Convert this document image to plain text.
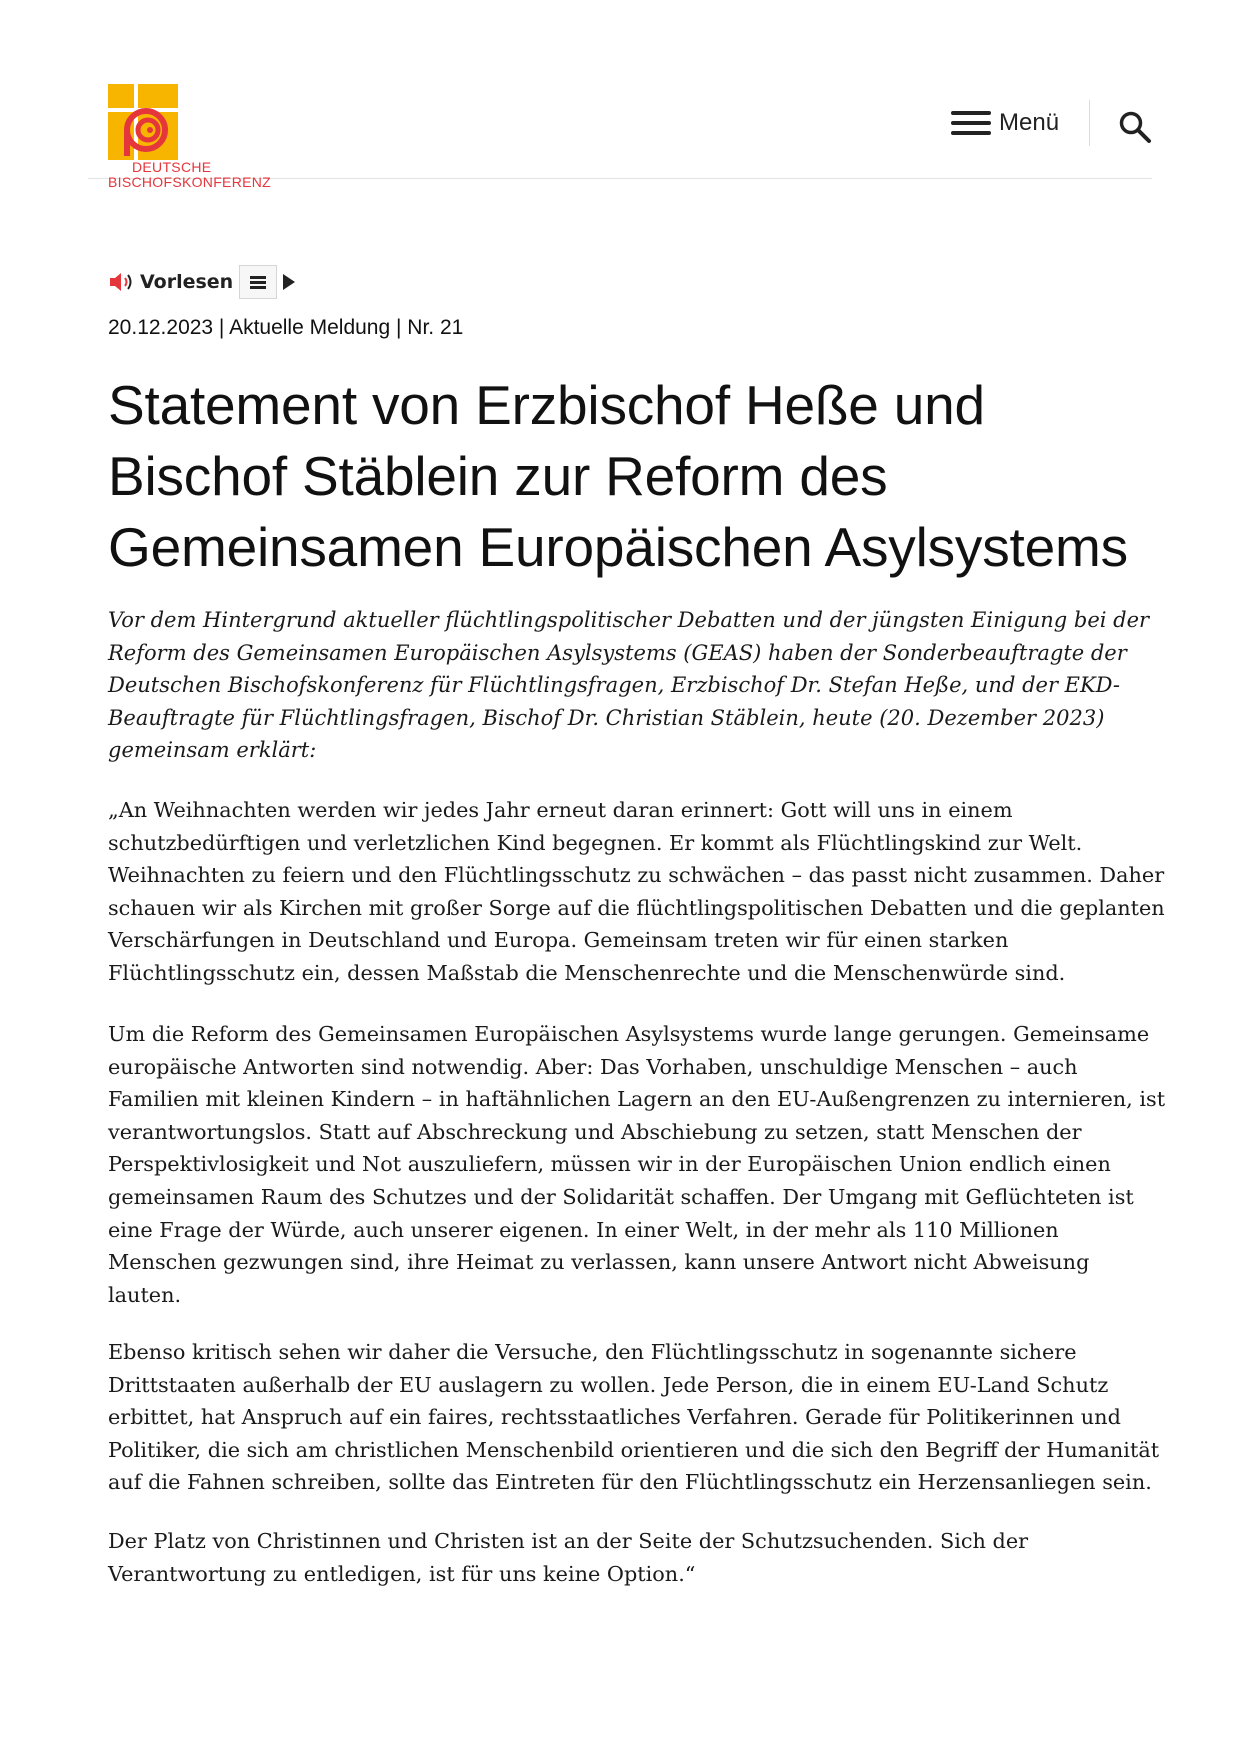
DEUTSCHE
BISCHOFSKONFERENZ
Menü
Vorlesen
20.12.2023 | Aktuelle Meldung | Nr. 21
Statement von Erzbischof Heße und Bischof Stäblein zur Reform des Gemeinsamen Europäischen Asylsystems

Vor dem Hintergrund aktueller flüchtlingspolitischer Debatten und der jüngsten Einigung bei der Reform des Gemeinsamen Europäischen Asylsystems (GEAS) haben der Sonderbeauftragte der Deutschen Bischofskonferenz für Flüchtlingsfragen, Erzbischof Dr. Stefan Heße, und der EKD-Beauftragte für Flüchtlingsfragen, Bischof Dr. Christian Stäblein, heute (20. Dezember 2023) gemeinsam erklärt:

„An Weihnachten werden wir jedes Jahr erneut daran erinnert: Gott will uns in einem schutzbedürftigen und verletzlichen Kind begegnen. Er kommt als Flüchtlingskind zur Welt. Weihnachten zu feiern und den Flüchtlingsschutz zu schwächen – das passt nicht zusammen. Daher schauen wir als Kirchen mit großer Sorge auf die flüchtlingspolitischen Debatten und die geplanten Verschärfungen in Deutschland und Europa. Gemeinsam treten wir für einen starken Flüchtlingsschutz ein, dessen Maßstab die Menschenrechte und die Menschenwürde sind.

Um die Reform des Gemeinsamen Europäischen Asylsystems wurde lange gerungen. Gemeinsame europäische Antworten sind notwendig. Aber: Das Vorhaben, unschuldige Menschen – auch Familien mit kleinen Kindern – in haftähnlichen Lagern an den EU-Außengrenzen zu internieren, ist verantwortungslos. Statt auf Abschreckung und Abschiebung zu setzen, statt Menschen der Perspektivlosigkeit und Not auszuliefern, müssen wir in der Europäischen Union endlich einen gemeinsamen Raum des Schutzes und der Solidarität schaffen. Der Umgang mit Geflüchteten ist eine Frage der Würde, auch unserer eigenen. In einer Welt, in der mehr als 110 Millionen Menschen gezwungen sind, ihre Heimat zu verlassen, kann unsere Antwort nicht Abweisung lauten.

Ebenso kritisch sehen wir daher die Versuche, den Flüchtlingsschutz in sogenannte sichere Drittstaaten außerhalb der EU auslagern zu wollen. Jede Person, die in einem EU-Land Schutz erbittet, hat Anspruch auf ein faires, rechtsstaatliches Verfahren. Gerade für Politikerinnen und Politiker, die sich am christlichen Menschenbild orientieren und die sich den Begriff der Humanität auf die Fahnen schreiben, sollte das Eintreten für den Flüchtlingsschutz ein Herzensanliegen sein.

Der Platz von Christinnen und Christen ist an der Seite der Schutzsuchenden. Sich der Verantwortung zu entledigen, ist für uns keine Option.“
